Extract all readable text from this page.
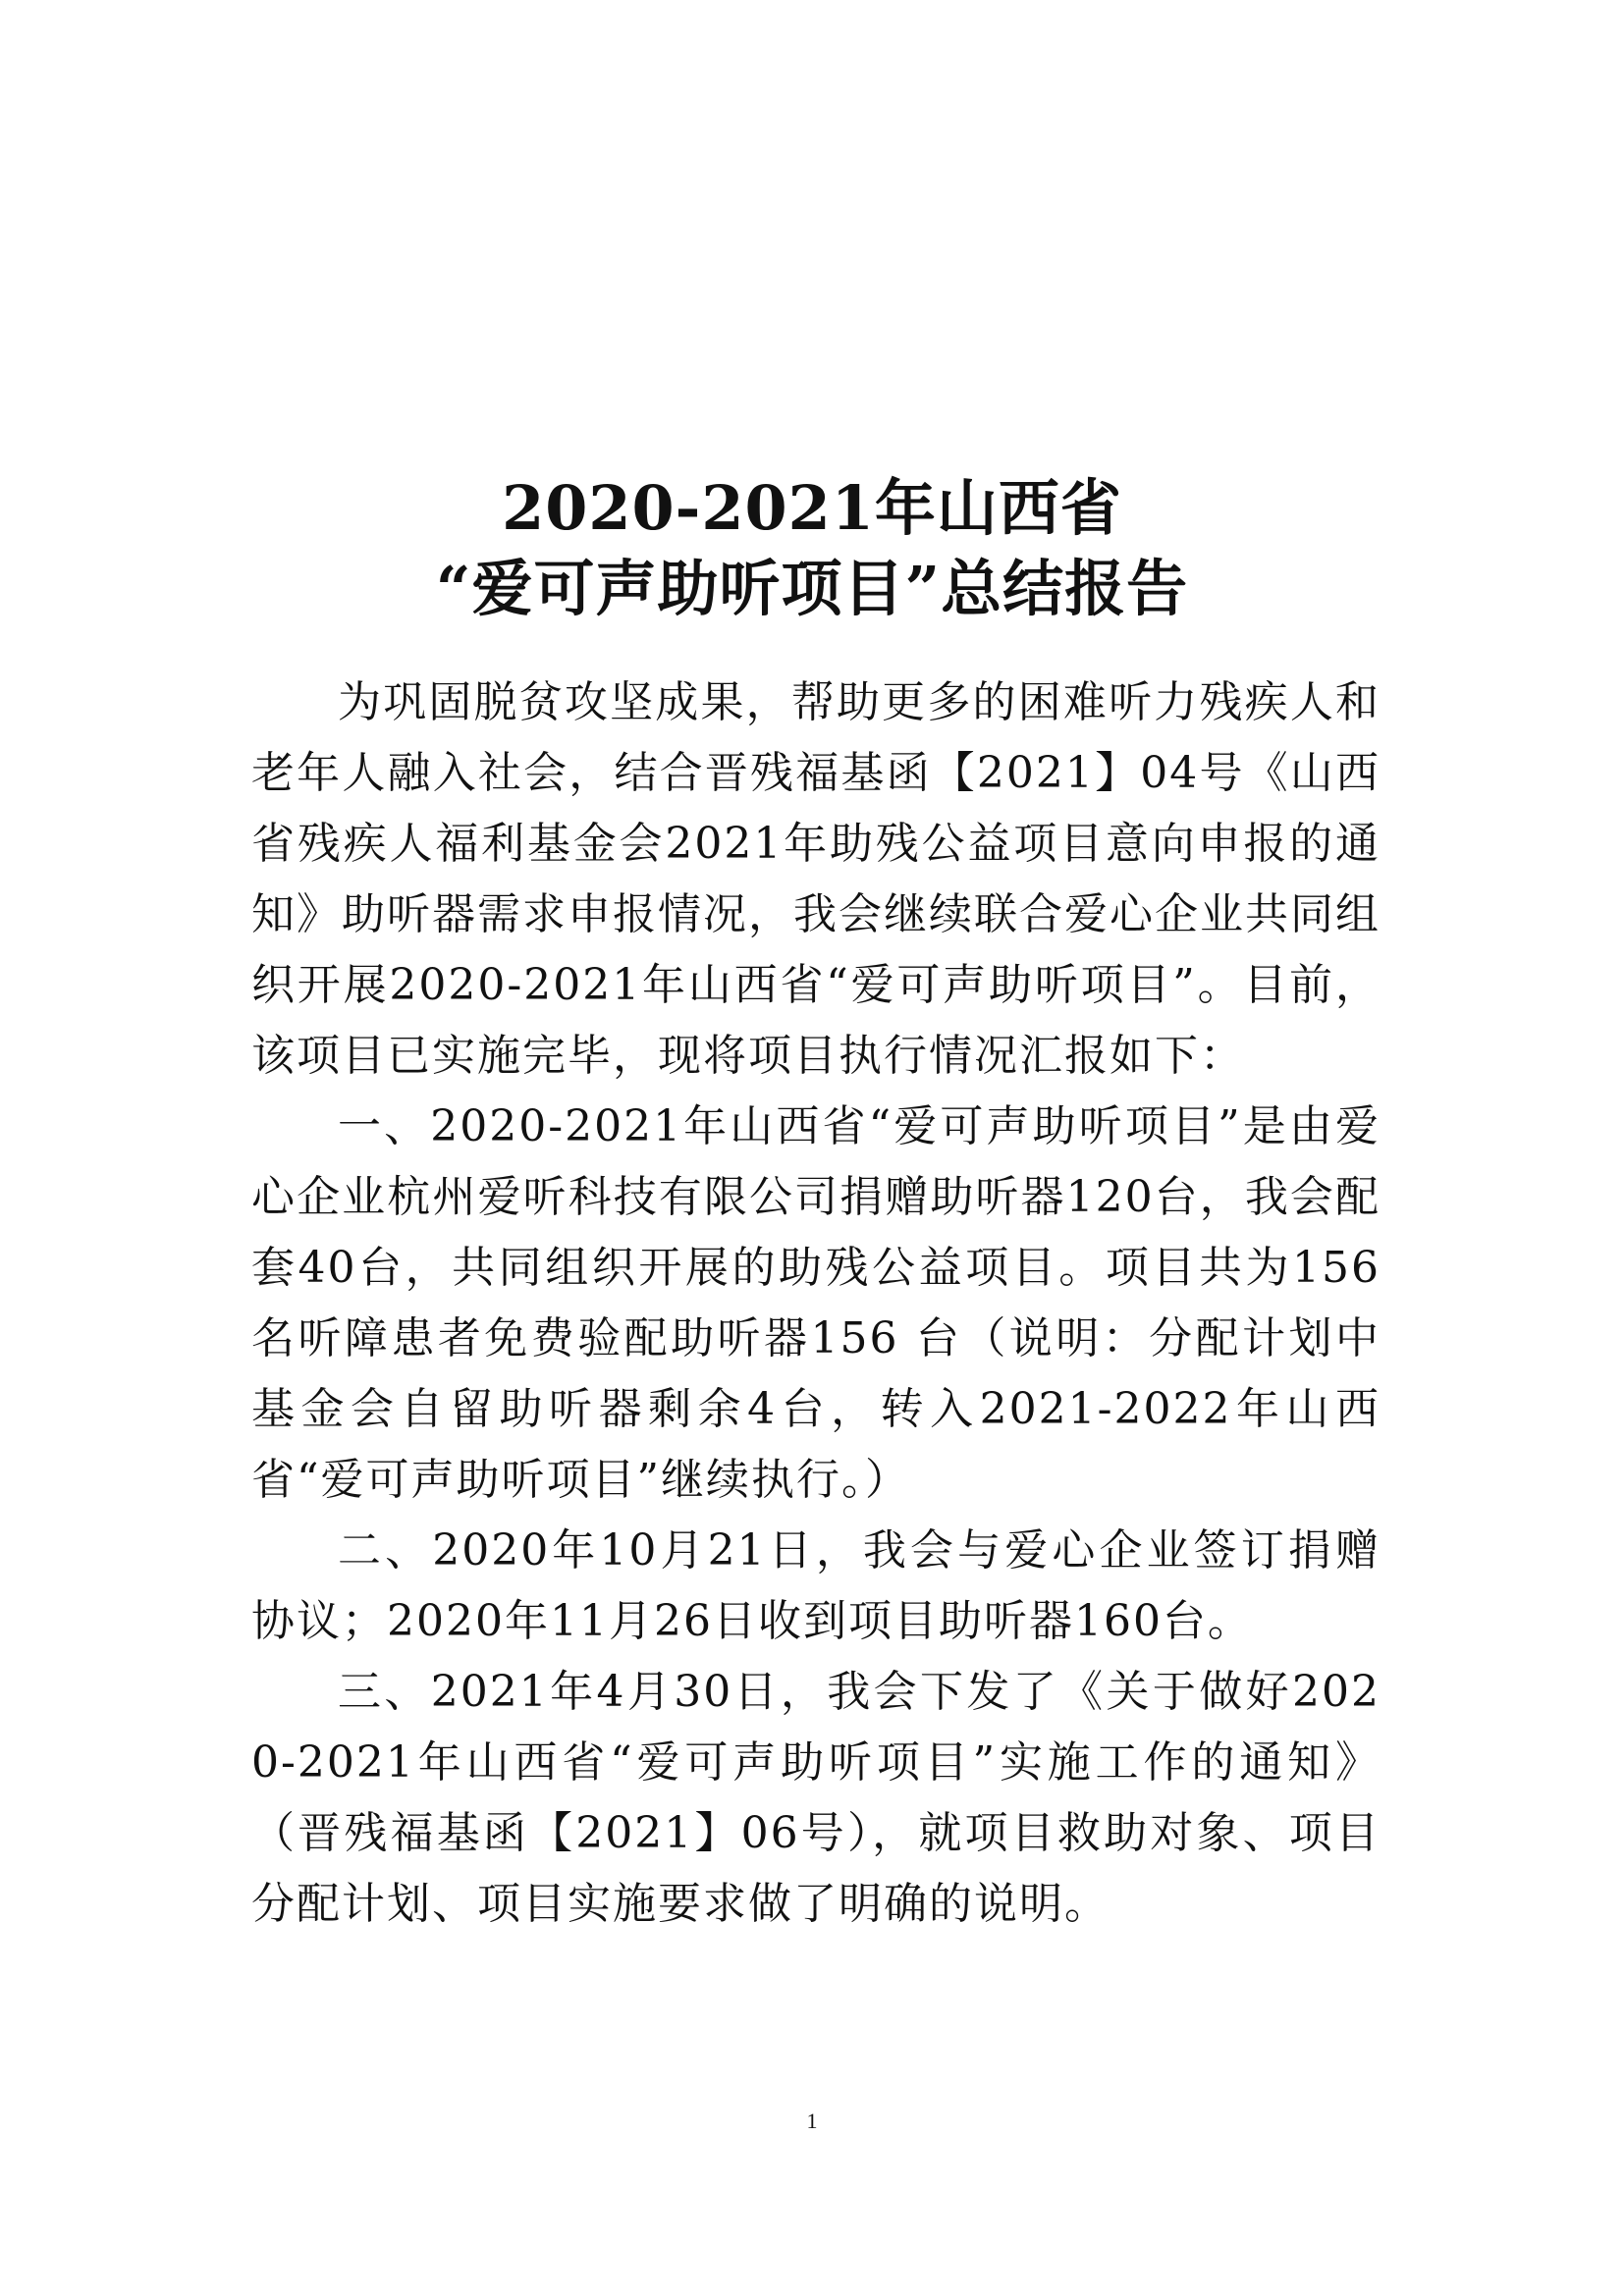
2020-2021年山西省
“爱可声助听项目”总结报告

为巩固脱贫攻坚成果，帮助更多的困难听力残疾人和老年人融入社会，结合晋残福基函【2021】04号《山西省残疾人福利基金会2021年助残公益项目意向申报的通知》助听器需求申报情况，我会继续联合爱心企业共同组织开展2020-2021年山西省“爱可声助听项目”。目前，该项目已实施完毕，现将项目执行情况汇报如下：

一、2020-2021年山西省“爱可声助听项目”是由爱心企业杭州爱听科技有限公司捐赠助听器120台，我会配套40台，共同组织开展的助残公益项目。项目共为156名听障患者免费验配助听器156 台（说明：分配计划中基金会自留助听器剩余4台，转入2021-2022年山西省“爱可声助听项目”继续执行。）

二、2020年10月21日，我会与爱心企业签订捐赠协议；2020年11月26日收到项目助听器160台。

三、2021年4月30日，我会下发了《关于做好2020-2021年山西省“爱可声助听项目”实施工作的通知》（晋残福基函【2021】06号），就项目救助对象、项目分配计划、项目实施要求做了明确的说明。

1
